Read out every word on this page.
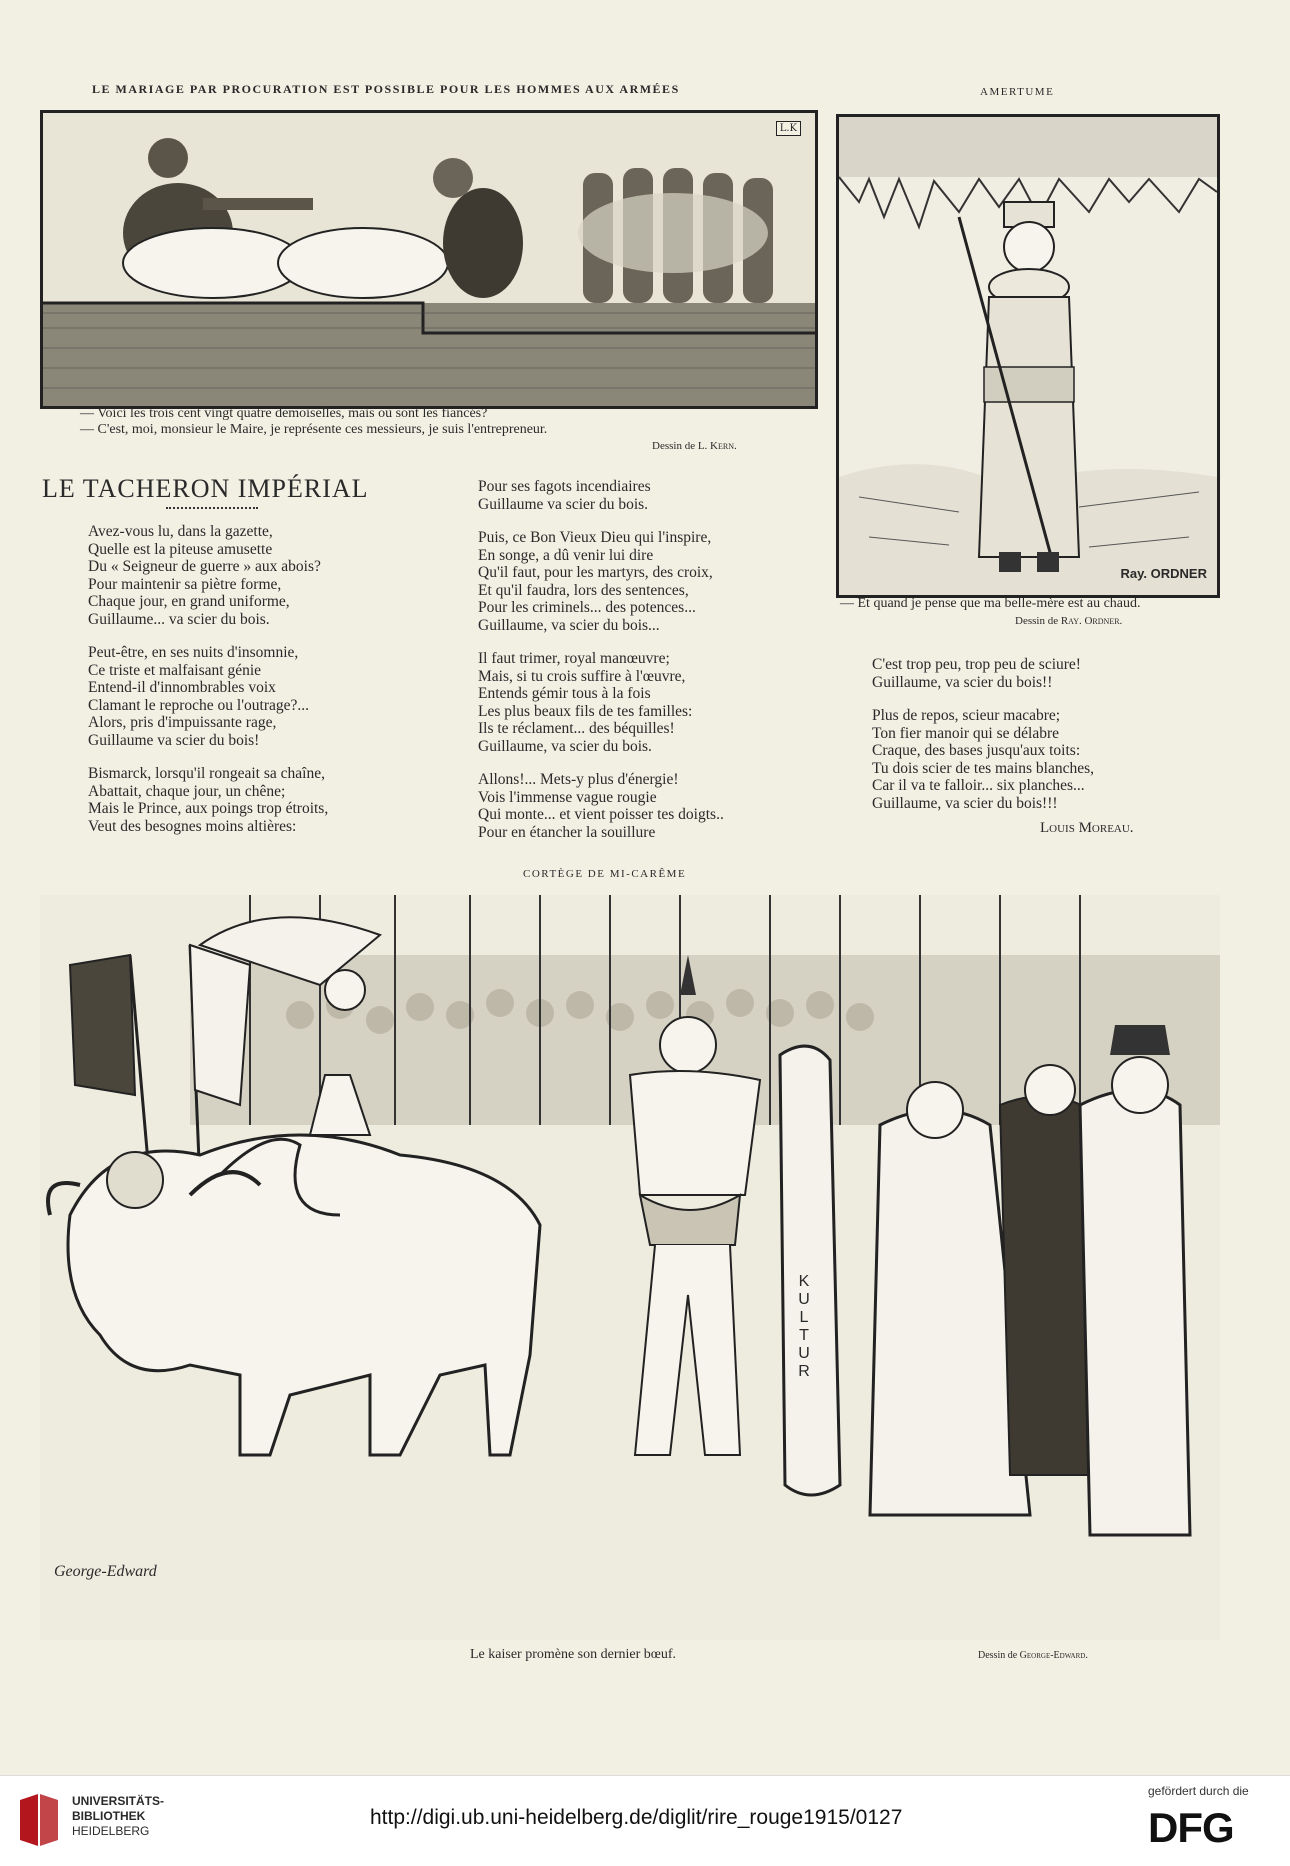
LE MARIAGE PAR PROCURATION EST POSSIBLE POUR LES HOMMES AUX ARMÉES
L.K
— Voici les trois cent vingt quatre demoiselles, mais où sont les fiancés?
— C'est, moi, monsieur le Maire, je représente ces messieurs, je suis l'entrepreneur.
Dessin de L. Kern.
AMERTUME
Ray. ORDNER
— Et quand je pense que ma belle-mère est au chaud.
Dessin de Ray. Ordner.
LE TACHERON IMPÉRIAL

Avez-vous lu, dans la gazette,
Quelle est la piteuse amusette
Du « Seigneur de guerre » aux abois?
Pour maintenir sa piètre forme,
Chaque jour, en grand uniforme,
Guillaume... va scier du bois.

Peut-être, en ses nuits d'insomnie,
Ce triste et malfaisant génie
Entend-il d'innombrables voix
Clamant le reproche ou l'outrage?...
Alors, pris d'impuissante rage,
Guillaume va scier du bois!

Bismarck, lorsqu'il rongeait sa chaîne,
Abattait, chaque jour, un chêne;
Mais le Prince, aux poings trop étroits,
Veut des besognes moins altières:

Pour ses fagots incendiaires
Guillaume va scier du bois.

Puis, ce Bon Vieux Dieu qui l'inspire,
En songe, a dû venir lui dire
Qu'il faut, pour les martyrs, des croix,
Et qu'il faudra, lors des sentences,
Pour les criminels... des potences...
Guillaume, va scier du bois...

Il faut trimer, royal manœuvre;
Mais, si tu crois suffire à l'œuvre,
Entends gémir tous à la fois
Les plus beaux fils de tes familles:
Ils te réclament... des béquilles!
Guillaume, va scier du bois.

Allons!... Mets-y plus d'énergie!
Vois l'immense vague rougie
Qui monte... et vient poisser tes doigts..
Pour en étancher la souillure

C'est trop peu, trop peu de sciure!
Guillaume, va scier du bois!!

Plus de repos, scieur macabre;
Ton fier manoir qui se délabre
Craque, des bases jusqu'aux toits:
Tu dois scier de tes mains blanches,
Car il va te falloir... six planches...
Guillaume, va scier du bois!!!

Louis Moreau.
CORTÈGE DE MI-CARÊME
K
U
L
T
U
R
George-Edward
Le kaiser promène son dernier bœuf.	Dessin de George-Edward.
UNIVERSITÄTS-
BIBLIOTHEK
HEIDELBERG
http://digi.ub.uni-heidelberg.de/diglit/rire_rouge1915/0127
gefördert durch die
DFG
